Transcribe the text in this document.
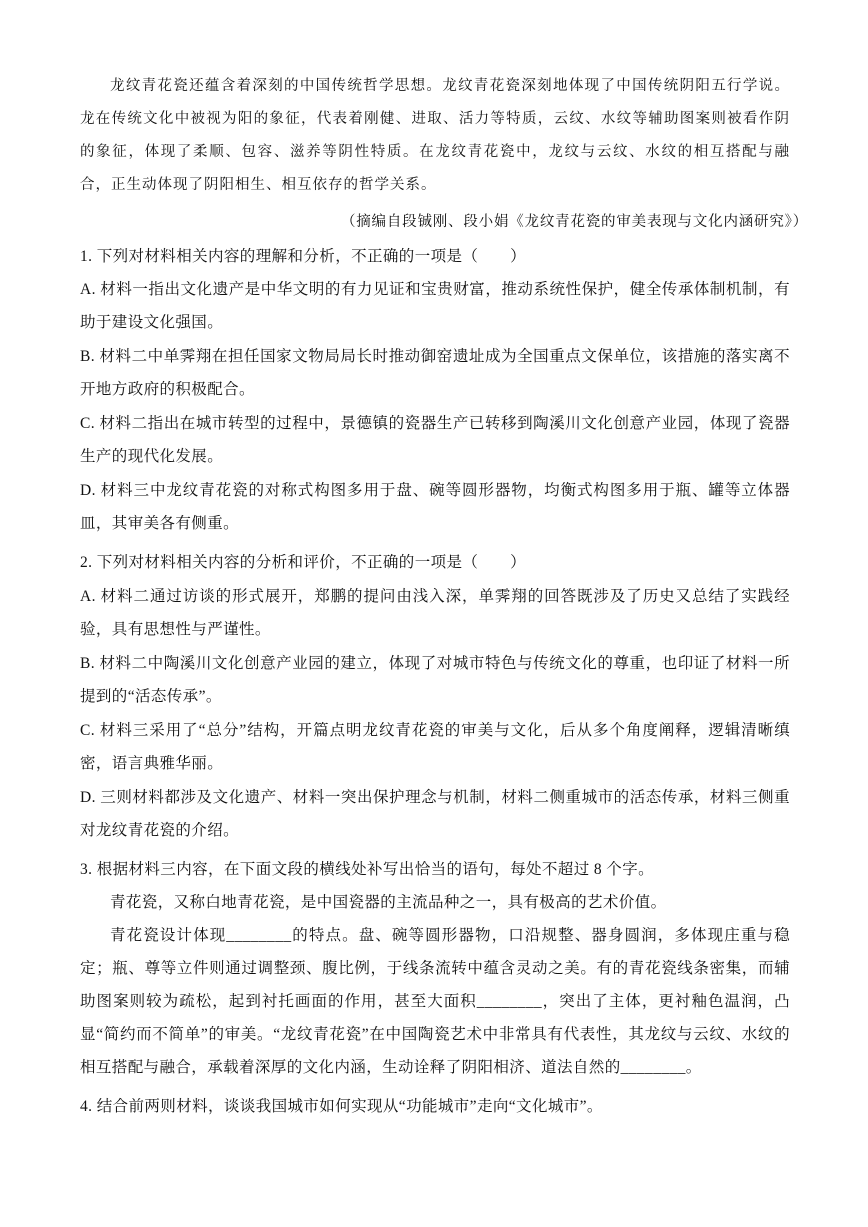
龙纹青花瓷还蕴含着深刻的中国传统哲学思想。龙纹青花瓷深刻地体现了中国传统阴阳五行学说。龙在传统文化中被视为阳的象征，代表着刚健、进取、活力等特质，云纹、水纹等辅助图案则被看作阴的象征，体现了柔顺、包容、滋养等阴性特质。在龙纹青花瓷中，龙纹与云纹、水纹的相互搭配与融合，正生动体现了阴阳相生、相互依存的哲学关系。

（摘编自段铖刚、段小娟《龙纹青花瓷的审美表现与文化内涵研究》）

1. 下列对材料相关内容的理解和分析，不正确的一项是（　　）

A. 材料一指出文化遗产是中华文明的有力见证和宝贵财富，推动系统性保护，健全传承体制机制，有助于建设文化强国。

B. 材料二中单霁翔在担任国家文物局局长时推动御窑遗址成为全国重点文保单位，该措施的落实离不开地方政府的积极配合。

C. 材料二指出在城市转型的过程中，景德镇的瓷器生产已转移到陶溪川文化创意产业园，体现了瓷器生产的现代化发展。

D. 材料三中龙纹青花瓷的对称式构图多用于盘、碗等圆形器物，均衡式构图多用于瓶、罐等立体器皿，其审美各有侧重。

2. 下列对材料相关内容的分析和评价，不正确的一项是（　　）

A. 材料二通过访谈的形式展开，郑鹏的提问由浅入深，单霁翔的回答既涉及了历史又总结了实践经验，具有思想性与严谨性。

B. 材料二中陶溪川文化创意产业园的建立，体现了对城市特色与传统文化的尊重，也印证了材料一所提到的“活态传承”。

C. 材料三采用了“总分”结构，开篇点明龙纹青花瓷的审美与文化，后从多个角度阐释，逻辑清晰缜密，语言典雅华丽。

D. 三则材料都涉及文化遗产、材料一突出保护理念与机制，材料二侧重城市的活态传承，材料三侧重对龙纹青花瓷的介绍。

3. 根据材料三内容，在下面文段的横线处补写出恰当的语句，每处不超过 8 个字。

青花瓷，又称白地青花瓷，是中国瓷器的主流品种之一，具有极高的艺术价值。

青花瓷设计体现________的特点。盘、碗等圆形器物，口沿规整、器身圆润，多体现庄重与稳定；瓶、尊等立件则通过调整颈、腹比例，于线条流转中蕴含灵动之美。有的青花瓷线条密集，而辅助图案则较为疏松，起到衬托画面的作用，甚至大面积________，突出了主体，更衬釉色温润，凸显“简约而不简单”的审美。“龙纹青花瓷”在中国陶瓷艺术中非常具有代表性，其龙纹与云纹、水纹的相互搭配与融合，承载着深厚的文化内涵，生动诠释了阴阳相济、道法自然的________。

4. 结合前两则材料，谈谈我国城市如何实现从“功能城市”走向“文化城市”。
